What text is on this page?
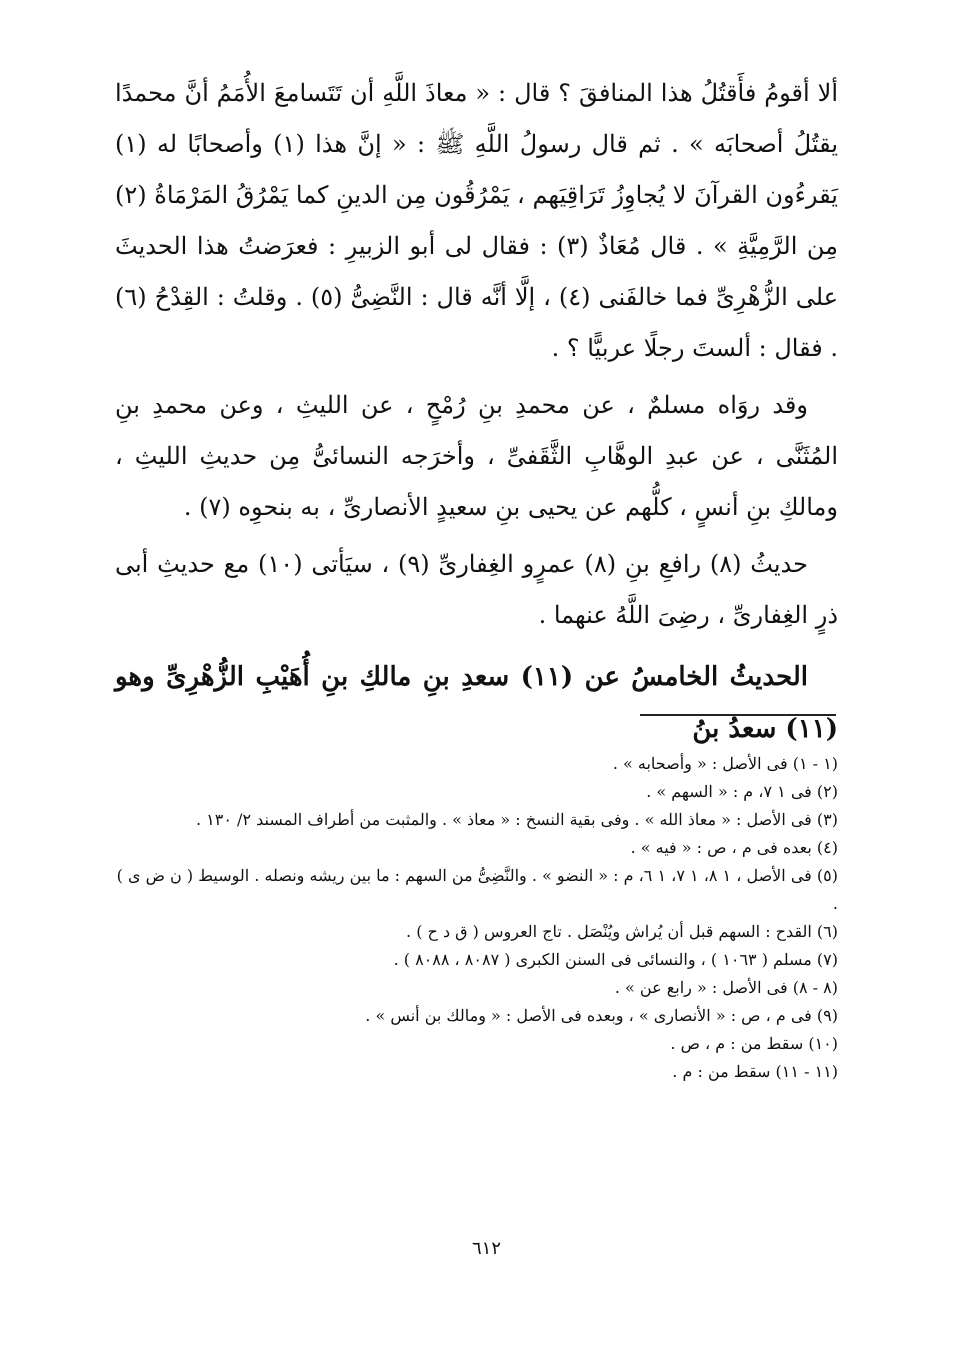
ألا أقومُ فأَقتُلُ هذا المنافقَ ؟ قال : « معاذَ اللَّهِ أن تَتَسامعَ الأُمَمُ أنَّ محمدًا يقتُلُ أصحابَه » . ثم قال رسولُ اللَّهِ ﷺ : « إنَّ هذا (١) وأصحابًا له (١) يَقرءُون القرآنَ لا يُجاوِزُ تَرَاقِيَهم ، يَمْرُقُون مِن الدينِ كما يَمْرُقُ المَرْمَاةُ (٢) مِن الرَّمِيَّةِ » . قال مُعَاذٌ (٣) : فقال لى أبو الزبيرِ : فعرَضتُ هذا الحديثَ على الزُّهْرِىِّ فما خالفَنى (٤) ، إلَّا أنَّه قال : النَّضِىُّ (٥) . وقلتُ : القِدْحُ (٦) . فقال : ألستَ رجلًا عربيًّا ؟ .

وقد روَاه مسلمٌ ، عن محمدِ بنِ رُمْحٍ ، عن الليثِ ، وعن محمدِ بنِ المُثَنَّى ، عن عبدِ الوهَّابِ الثَّقَفىِّ ، وأخرَجه النسائىُّ مِن حديثِ الليثِ ، ومالكِ بنِ أنسٍ ، كلُّهم عن يحيى بنِ سعيدٍ الأنصارىِّ ، به بنحوِه (٧) .

حديثُ (٨) رافعِ بنِ (٨) عمرٍو الغِفارىِّ (٩) ، سيَأتى (١٠) مع حديثِ أبى ذرٍ الغِفارىِّ ، رضِىَ اللَّهُ عنهما .

الحديثُ الخامسُ عن (١١) سعدِ بنِ مالكِ بنِ أُهَيْبِ الزُّهْرِىِّ وهو (١١) سعدُ بنُ

(١ - ١) فى الأصل : « وأصحابه » .

(٢) فى ١ ٧، م : « السهم » .

(٣) فى الأصل : « معاذ الله » . وفى بقية النسخ : « معاذ » . والمثبت من أطراف المسند ٢/ ١٣٠ .

(٤) بعده فى م ، ص : « فيه » .

(٥) فى الأصل ، ١ ٨، ١ ٧، ١ ٦، م : « النضو » . والنَّضِىُّ من السهم : ما بين ريشه ونصله . الوسيط ( ن ض ى ) .

(٦) القدح : السهم قبل أن يُراش ويُنْصَل . تاج العروس ( ق د ح ) .

(٧) مسلم ( ١٠٦٣ ) ، والنسائى فى السنن الكبرى ( ٨٠٨٧ ، ٨٠٨٨ ) .

(٨ - ٨) فى الأصل : « رابع عن » .

(٩) فى م ، ص : « الأنصارى » ، وبعده فى الأصل : « ومالك بن أنس » .

(١٠) سقط من : م ، ص .

(١١ - ١١) سقط من : م .

٦١٢
